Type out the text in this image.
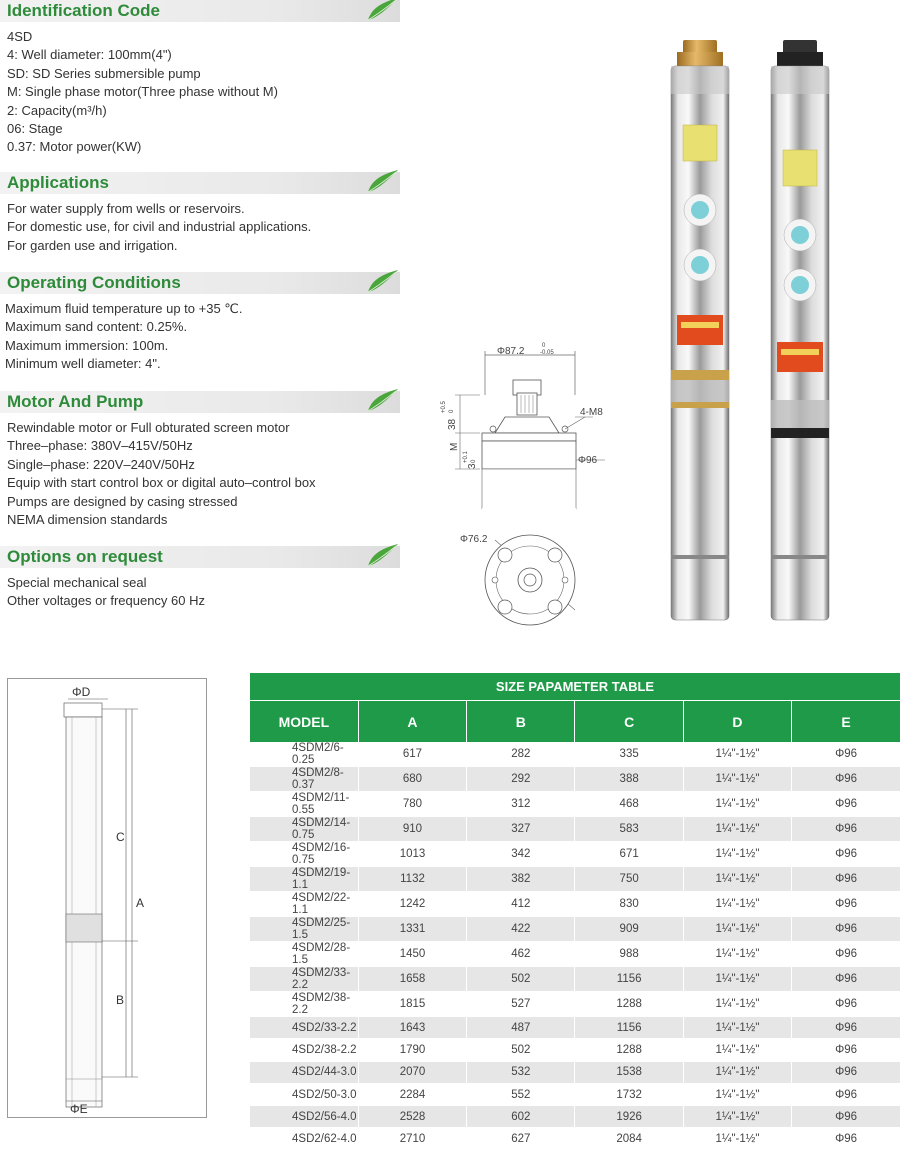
Identification Code
4SD
4: Well diameter: 100mm(4")
SD: SD Series submersible pump
M: Single phase motor(Three phase without M)
2: Capacity(m³/h)
06: Stage
0.37: Motor power(KW)
Applications
For water supply from wells or reservoirs.
For domestic use, for civil and industrial applications.
For garden use and irrigation.
Operating Conditions
Maximum fluid temperature up to +35 ℃.
Maximum sand content: 0.25%.
Maximum immersion: 100m.
Minimum well diameter: 4".
Motor And Pump
Rewindable motor or Full obturated screen motor
Three–phase: 380V–415V/50Hz
Single–phase: 220V–240V/50Hz
Equip with start control box or digital auto–control box
Pumps are designed by casing stressed
NEMA dimension standards
Options on request
Special mechanical seal
Other voltages or frequency 60 Hz
Φ87.2	0
-0.05
4-M8
38
+0.5 0
M
3
+0.1 0	Φ96
Φ76.2
ΦD
C
A
B
ΦE
SIZE PAPAMETER TABLE					
MODEL	A	B	C	D	E
4SDM2/6-0.25	617	282	335	1¼"-1½"	Φ96
4SDM2/8-0.37	680	292	388	1¼"-1½"	Φ96
4SDM2/11-0.55	780	312	468	1¼"-1½"	Φ96
4SDM2/14-0.75	910	327	583	1¼"-1½"	Φ96
4SDM2/16-0.75	1013	342	671	1¼"-1½"	Φ96
4SDM2/19-1.1	1132	382	750	1¼"-1½"	Φ96
4SDM2/22-1.1	1242	412	830	1¼"-1½"	Φ96
4SDM2/25-1.5	1331	422	909	1¼"-1½"	Φ96
4SDM2/28-1.5	1450	462	988	1¼"-1½"	Φ96
4SDM2/33-2.2	1658	502	1156	1¼"-1½"	Φ96
4SDM2/38-2.2	1815	527	1288	1¼"-1½"	Φ96
4SD2/33-2.2	1643	487	1156	1¼"-1½"	Φ96
4SD2/38-2.2	1790	502	1288	1¼"-1½"	Φ96
4SD2/44-3.0	2070	532	1538	1¼"-1½"	Φ96
4SD2/50-3.0	2284	552	1732	1¼"-1½"	Φ96
4SD2/56-4.0	2528	602	1926	1¼"-1½"	Φ96
4SD2/62-4.0	2710	627	2084	1¼"-1½"	Φ96
